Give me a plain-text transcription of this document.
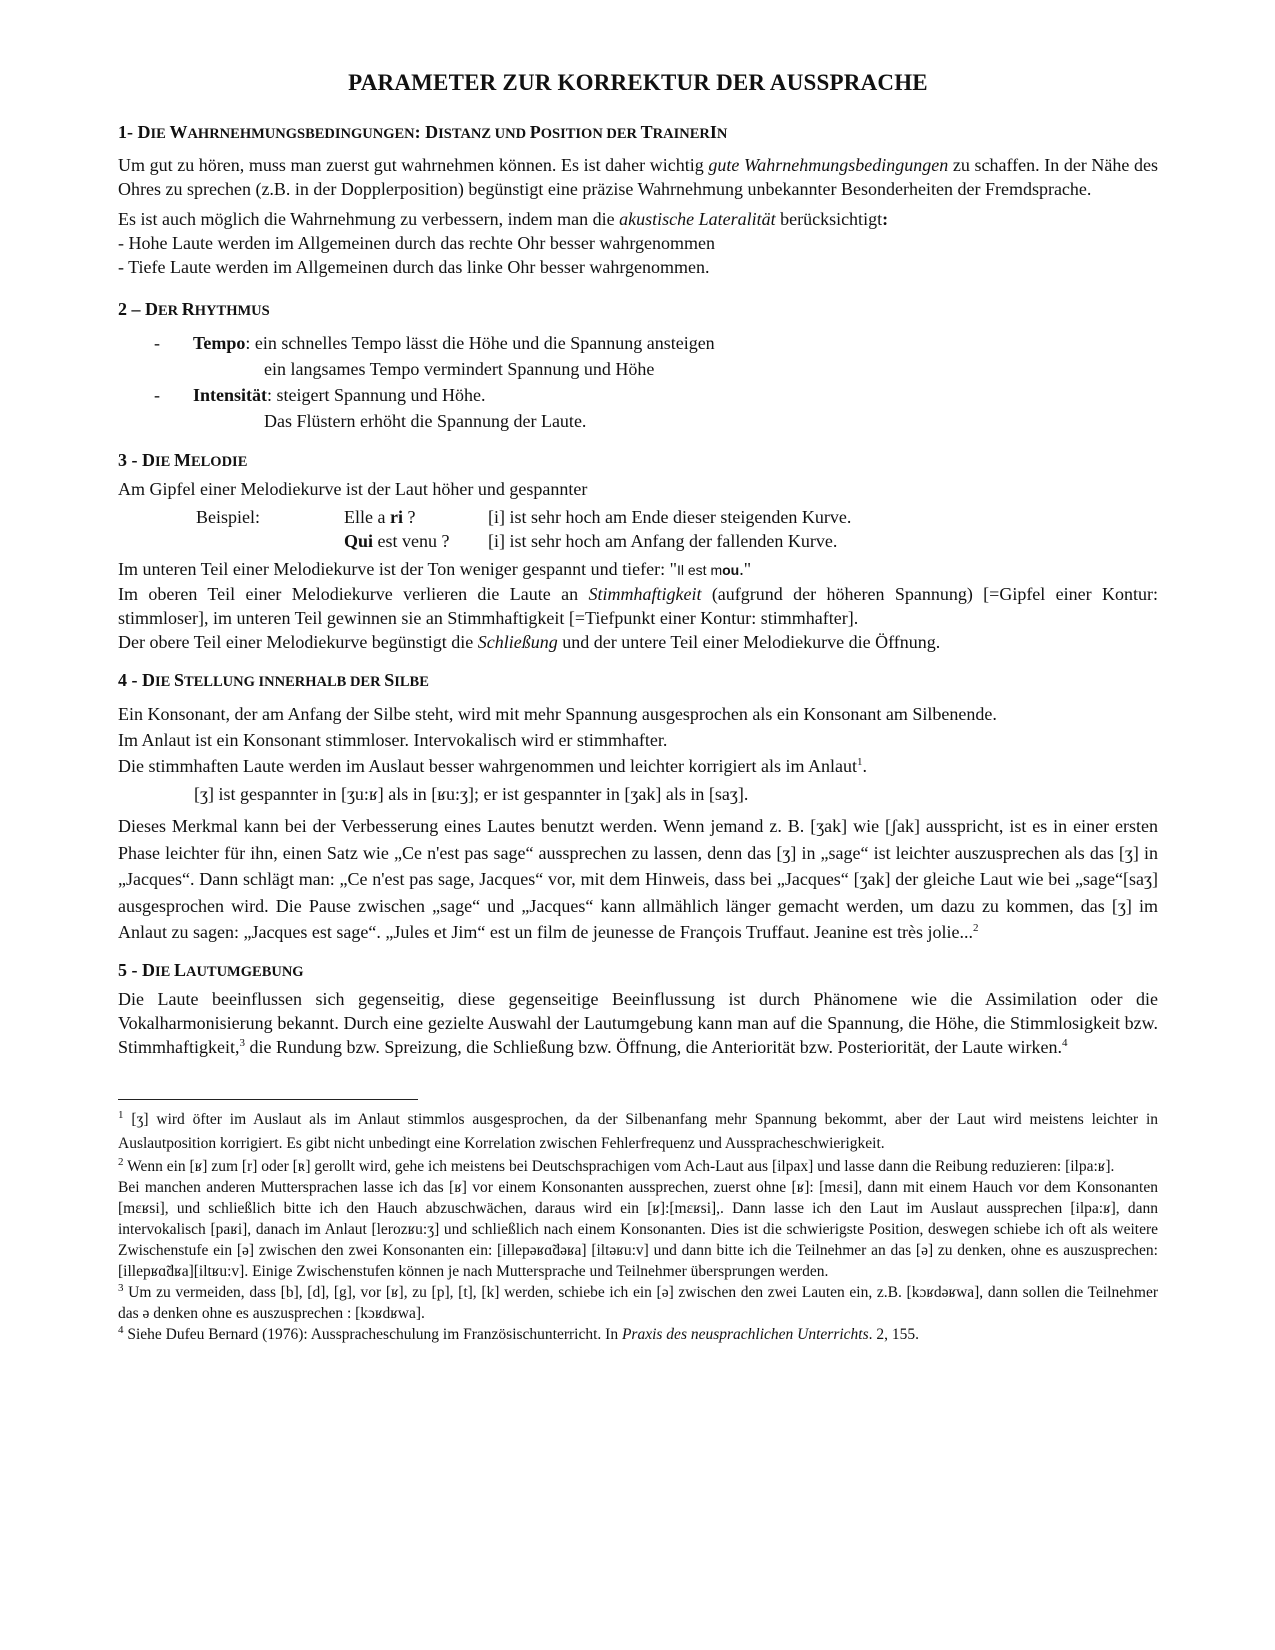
PARAMETER ZUR KORREKTUR DER AUSSPRACHE
1- DIE WAHRNEHMUNGSBEDINGUNGEN: DISTANZ UND POSITION DER TRAINERIN

Um gut zu hören, muss man zuerst gut wahrnehmen können. Es ist daher wichtig gute Wahrnehmungsbedingungen zu schaffen. In der Nähe des Ohres zu sprechen (z.B. in der Dopplerposition) begünstigt eine präzise Wahrnehmung unbekannter Besonderheiten der Fremdsprache.

Es ist auch möglich die Wahrnehmung zu verbessern, indem man die akustische Lateralität berücksichtigt:
- Hohe Laute werden im Allgemeinen durch das rechte Ohr besser wahrgenommen
- Tiefe Laute werden im Allgemeinen durch das linke Ohr besser wahrgenommen.
2 – DER RHYTHMUS
- Tempo: ein schnelles Tempo lässt die Höhe und die Spannung ansteigen
ein langsames Tempo vermindert Spannung und Höhe
- Intensität: steigert Spannung und Höhe.
Das Flüstern erhöht die Spannung der Laute.
3 - DIE MELODIE
Am Gipfel einer Melodiekurve ist der Laut höher und gespannter
Beispiel:	Elle a ri ?	[i] ist sehr hoch am Ende dieser steigenden Kurve.
Qui est venu ? [i] ist sehr hoch am Anfang der fallenden Kurve.
Im unteren Teil einer Melodiekurve ist der Ton weniger gespannt und tiefer: "Il est mou."

Im oberen Teil einer Melodiekurve verlieren die Laute an Stimmhaftigkeit (aufgrund der höheren Spannung) [=Gipfel einer Kontur: stimmloser], im unteren Teil gewinnen sie an Stimmhaftigkeit [=Tiefpunkt einer Kontur: stimmhafter].

Der obere Teil einer Melodiekurve begünstigt die Schließung und der untere Teil einer Melodiekurve die Öffnung.
4 - DIE STELLUNG INNERHALB DER SILBE
Ein Konsonant, der am Anfang der Silbe steht, wird mit mehr Spannung ausgesprochen als ein Konsonant am Silbenende.
Im Anlaut ist ein Konsonant stimmloser. Intervokalisch wird er stimmhafter.
Die stimmhaften Laute werden im Auslaut besser wahrgenommen und leichter korrigiert als im Anlaut$^1$.
[ʒ] ist gespannter in [ʒu:ʁ] als in [ʁu:ʒ]; er ist gespannter in [ʒak] als in [saʒ].

Dieses Merkmal kann bei der Verbesserung eines Lautes benutzt werden. Wenn jemand z. B. [ʒak] wie [ʃak] ausspricht, ist es in einer ersten Phase leichter für ihn, einen Satz wie „Ce n'est pas sage“ aussprechen zu lassen, denn das [ʒ] in „sage“ ist leichter auszusprechen als das [ʒ] in „Jacques“. Dann schlägt man: „Ce n'est pas sage, Jacques“ vor, mit dem Hinweis, dass bei „Jacques“ [ʒak] der gleiche Laut wie bei „sage“[saʒ] ausgesprochen wird. Die Pause zwischen „sage“ und „Jacques“ kann allmählich länger gemacht werden, um dazu zu kommen, das [ʒ] im Anlaut zu sagen: „Jacques est sage“. „Jules et Jim“ est un film de jeunesse de François Truffaut. Jeanine est très jolie...$^2$

5 - DIE LAUTUMGEBUNG

Die Laute beeinflussen sich gegenseitig, diese gegenseitige Beeinflussung ist durch Phänomene wie die Assimilation oder die Vokalharmonisierung bekannt. Durch eine gezielte Auswahl der Lautumgebung kann man auf die Spannung, die Höhe, die Stimmlosigkeit bzw. Stimmhaftigkeit,$^3$ die Rundung bzw. Spreizung, die Schließung bzw. Öffnung, die Anteriorität bzw. Posteriorität, der Laute wirken.$^4$

$^1$ [ʒ] wird öfter im Auslaut als im Anlaut stimmlos ausgesprochen, da der Silbenanfang mehr Spannung bekommt, aber der Laut wird meistens leichter in Auslautposition korrigiert. Es gibt nicht unbedingt eine Korrelation zwischen Fehlerfrequenz und Ausspracheschwierigkeit.
$^2$ Wenn ein [ʁ] zum [r] oder [ʀ] gerollt wird, gehe ich meistens bei Deutschsprachigen vom Ach-Laut aus [ilpax] und lasse dann die Reibung reduzieren: [ilpa:ʁ].
Bei manchen anderen Muttersprachen lasse ich das [ʁ] vor einem Konsonanten aussprechen, zuerst ohne [ʁ]: [mɛsi], dann mit einem Hauch vor dem Konsonanten [mɛʁsi], und schließlich bitte ich den Hauch abzuschwächen, daraus wird ein [ʁ]:[mɛʁsi],. Dann lasse ich den Laut im Auslaut aussprechen [ilpa:ʁ], dann intervokalisch [paʁi], danach im Anlaut [lerozʁu:ʒ] und schließlich nach einem Konsonanten. Dies ist die schwierigste Position, deswegen schiebe ich oft als weitere Zwischenstufe ein [ə] zwischen den zwei Konsonanten ein: [illepəʁɑ̃dəʁa] [iltəʁu:v] und dann bitte ich die Teilnehmer an das [ə] zu denken, ohne es auszusprechen: [illepʁɑ̃dʁa][iltʁu:v]. Einige Zwischenstufen können je nach Muttersprache und Teilnehmer übersprungen werden.
$^3$ Um zu vermeiden, dass [b], [d], [g], vor [ʁ], zu [p], [t], [k] werden, schiebe ich ein [ə] zwischen den zwei Lauten ein, z.B. [kɔʁdəʁwa], dann sollen die Teilnehmer das ə denken ohne es auszusprechen : [kɔʁdʁwa].
$^4$ Siehe Dufeu Bernard (1976): Ausspracheschulung im Französischunterricht. In Praxis des neusprachlichen Unterrichts. 2, 155.
